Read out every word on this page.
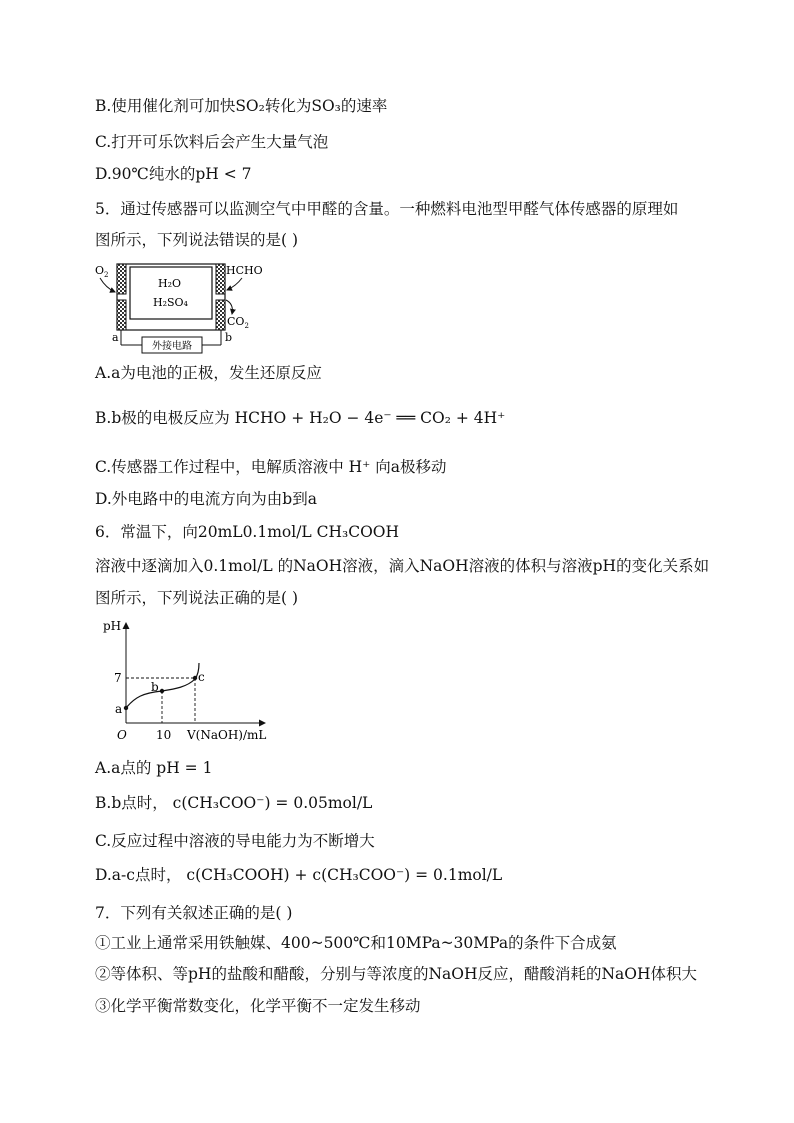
B.使用催化剂可加快SO₂转化为SO₃的速率
C.打开可乐饮料后会产生大量气泡
D.90℃纯水的pH < 7
5．通过传感器可以监测空气中甲醛的含量。一种燃料电池型甲醛气体传感器的原理如
图所示，下列说法错误的是( )
$O_2$	HCHO
H₂O
H₂SO₄
$CO_2$
a	b
外接电路
A.a为电池的正极，发生还原反应
B.b极的电极反应为 HCHO + H₂O − 4e⁻ ══ CO₂ + 4H⁺
C.传感器工作过程中，电解质溶液中 H⁺ 向a极移动
D.外电路中的电流方向为由b到a
6．常温下，向20mL0.1mol/L CH₃COOH
溶液中逐滴加入0.1mol/L 的NaOH溶液，滴入NaOH溶液的体积与溶液pH的变化关系如
图所示，下列说法正确的是( )
pH
7
O 10 V(NaOH)/mL
a
b
c
A.a点的 pH = 1
B.b点时， c(CH₃COO⁻) = 0.05mol/L
C.反应过程中溶液的导电能力为不断增大
D.a-c点时， c(CH₃COOH) + c(CH₃COO⁻) = 0.1mol/L
7．下列有关叙述正确的是( )
①工业上通常采用铁触媒、400~500℃和10MPa~30MPa的条件下合成氨
②等体积、等pH的盐酸和醋酸，分别与等浓度的NaOH反应，醋酸消耗的NaOH体积大
③化学平衡常数变化，化学平衡不一定发生移动
